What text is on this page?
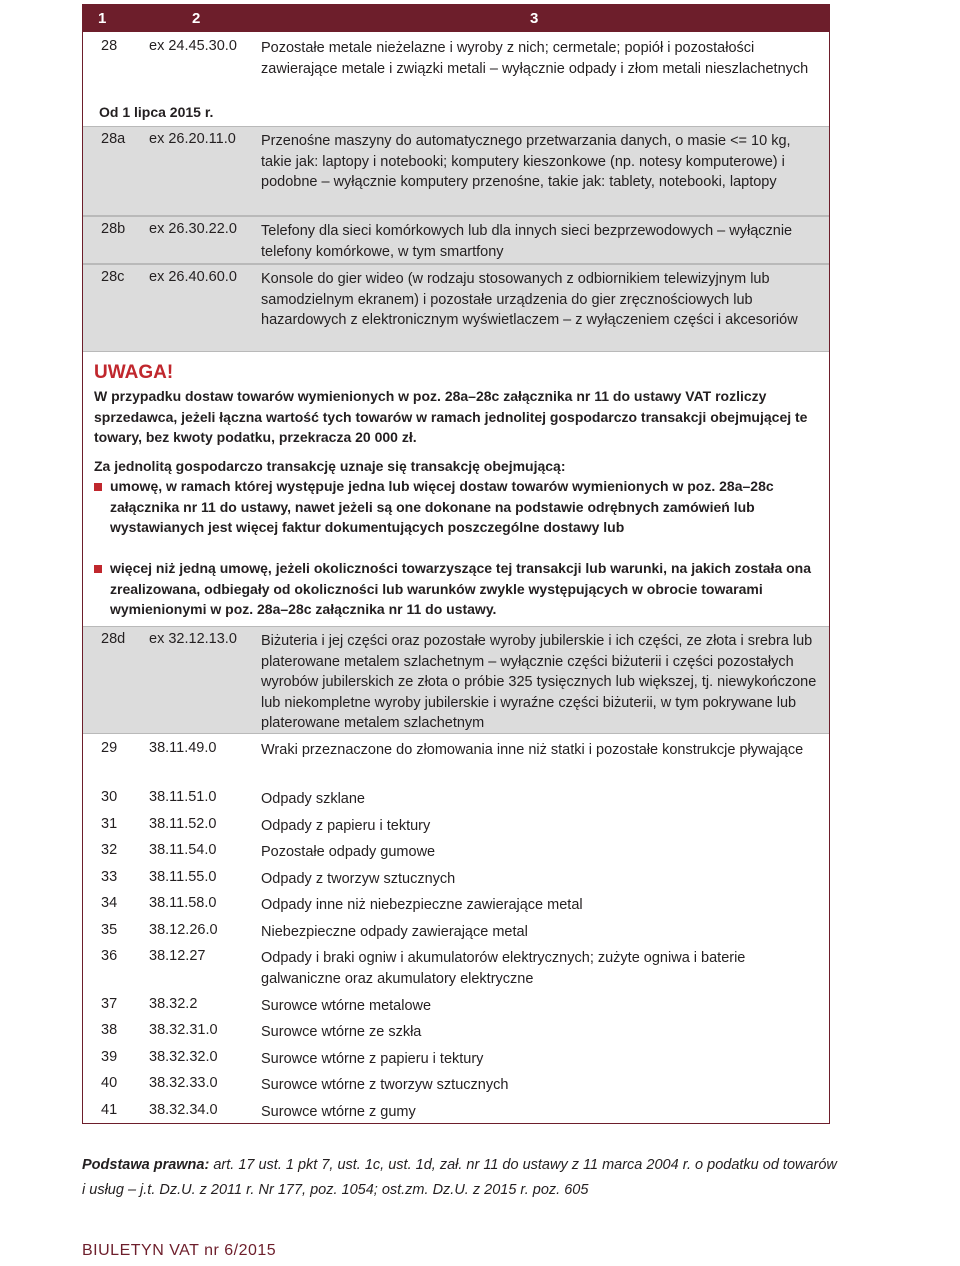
1	2	3
28 ex 24.45.30.0 Pozostałe metale nieżelazne i wyroby z nich; cermetale; popiół i pozostałości zawierające metale i związki metali – wyłącznie odpady i złom metali nieszlachetnych
Od 1 lipca 2015 r.
28a ex 26.20.11.0 Przenośne maszyny do automatycznego przetwarzania danych, o masie <= 10 kg, takie jak: laptopy i notebooki; komputery kieszonkowe (np. notesy komputerowe) i podobne – wyłącznie komputery przenośne, takie jak: tablety, notebooki, laptopy
28b ex 26.30.22.0 Telefony dla sieci komórkowych lub dla innych sieci bezprzewodowych – wyłącznie telefony komórkowe, w tym smartfony
28c ex 26.40.60.0 Konsole do gier wideo (w rodzaju stosowanych z odbiornikiem telewizyjnym lub samodzielnym ekranem) i pozostałe urządzenia do gier zręcznościowych lub hazardowych z elektronicznym wyświetlaczem – z wyłączeniem części i akcesoriów
UWAGA!
W przypadku dostaw towarów wymienionych w poz. 28a–28c załącznika nr 11 do ustawy VAT rozliczy sprzedawca, jeżeli łączna wartość tych towarów w ramach jednolitej gospodarczo transakcji obejmującej te towary, bez kwoty podatku, przekracza 20 000 zł.
Za jednolitą gospodarczo transakcję uznaje się transakcję obejmującą:
umowę, w ramach której występuje jedna lub więcej dostaw towarów wymienionych w poz. 28a–28c załącznika nr 11 do ustawy, nawet jeżeli są one dokonane na podstawie odrębnych zamówień lub wystawianych jest więcej faktur dokumentujących poszczególne dostawy lub
więcej niż jedną umowę, jeżeli okoliczności towarzyszące tej transakcji lub warunki, na jakich została ona zrealizowana, odbiegały od okoliczności lub warunków zwykle występujących w obrocie towarami wymienionymi w poz. 28a–28c załącznika nr 11 do ustawy.
28d ex 32.12.13.0 Biżuteria i jej części oraz pozostałe wyroby jubilerskie i ich części, ze złota i srebra lub platerowane metalem szlachetnym – wyłącznie części biżuterii i części pozostałych wyrobów jubilerskich ze złota o próbie 325 tysięcznych lub większej, tj. niewykończone lub niekompletne wyroby jubilerskie i wyraźne części biżuterii, w tym pokrywane lub platerowane metalem szlachetnym
29 38.11.49.0	Wraki przeznaczone do złomowania inne niż statki i pozostałe konstrukcje pływające
30 38.11.51.0	Odpady szklane
31 38.11.52.0	Odpady z papieru i tektury
32 38.11.54.0	Pozostałe odpady gumowe
33 38.11.55.0	Odpady z tworzyw sztucznych
34 38.11.58.0	Odpady inne niż niebezpieczne zawierające metal
35 38.12.26.0	Niebezpieczne odpady zawierające metal
36 38.12.27	Odpady i braki ogniw i akumulatorów elektrycznych; zużyte ogniwa i baterie galwaniczne oraz akumulatory elektryczne
37 38.32.2	Surowce wtórne metalowe
38 38.32.31.0	Surowce wtórne ze szkła
39 38.32.32.0	Surowce wtórne z papieru i tektury
40 38.32.33.0	Surowce wtórne z tworzyw sztucznych
41 38.32.34.0	Surowce wtórne z gumy
Podstawa prawna: art. 17 ust. 1 pkt 7, ust. 1c, ust. 1d, zał. nr 11 do ustawy z 11 marca 2004 r. o podatku od towarów i usług – j.t. Dz.U. z 2011 r. Nr 177, poz. 1054; ost.zm. Dz.U. z 2015 r. poz. 605
BIULETYN VAT nr 6/2015
